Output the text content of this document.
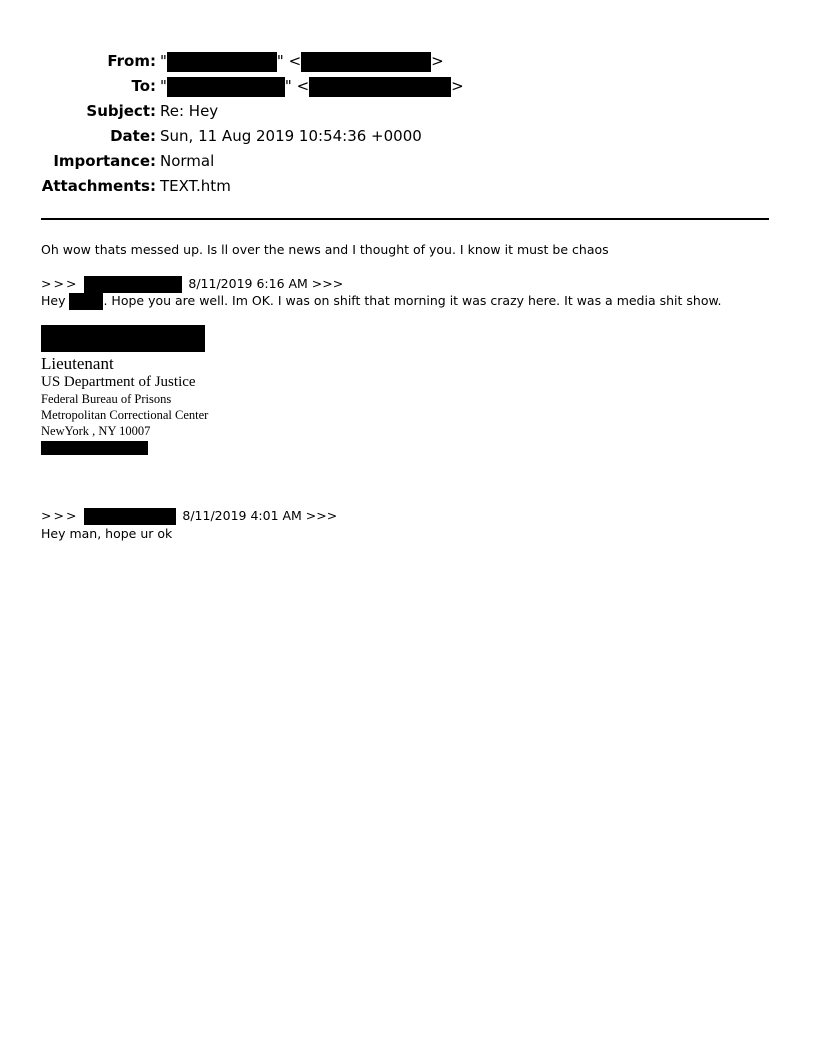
From: "	" <	>
To: "	" <	>
Subject: Re: Hey
Date: Sun, 11 Aug 2019 10:54:36 +0000
Importance: Normal
Attachments: TEXT.htm
Oh wow thats messed up. Is ll over the news and I thought of you. I know it must be chaos
>>>	8/11/2019 6:16 AM >>>
Hey	. Hope you are well. Im OK. I was on shift that morning it was crazy here. It was a media shit show.
Lieutenant
US Department of Justice
Federal Bureau of Prisons
Metropolitan Correctional Center
NewYork , NY 10007
>>>	8/11/2019 4:01 AM >>>
Hey man, hope ur ok
